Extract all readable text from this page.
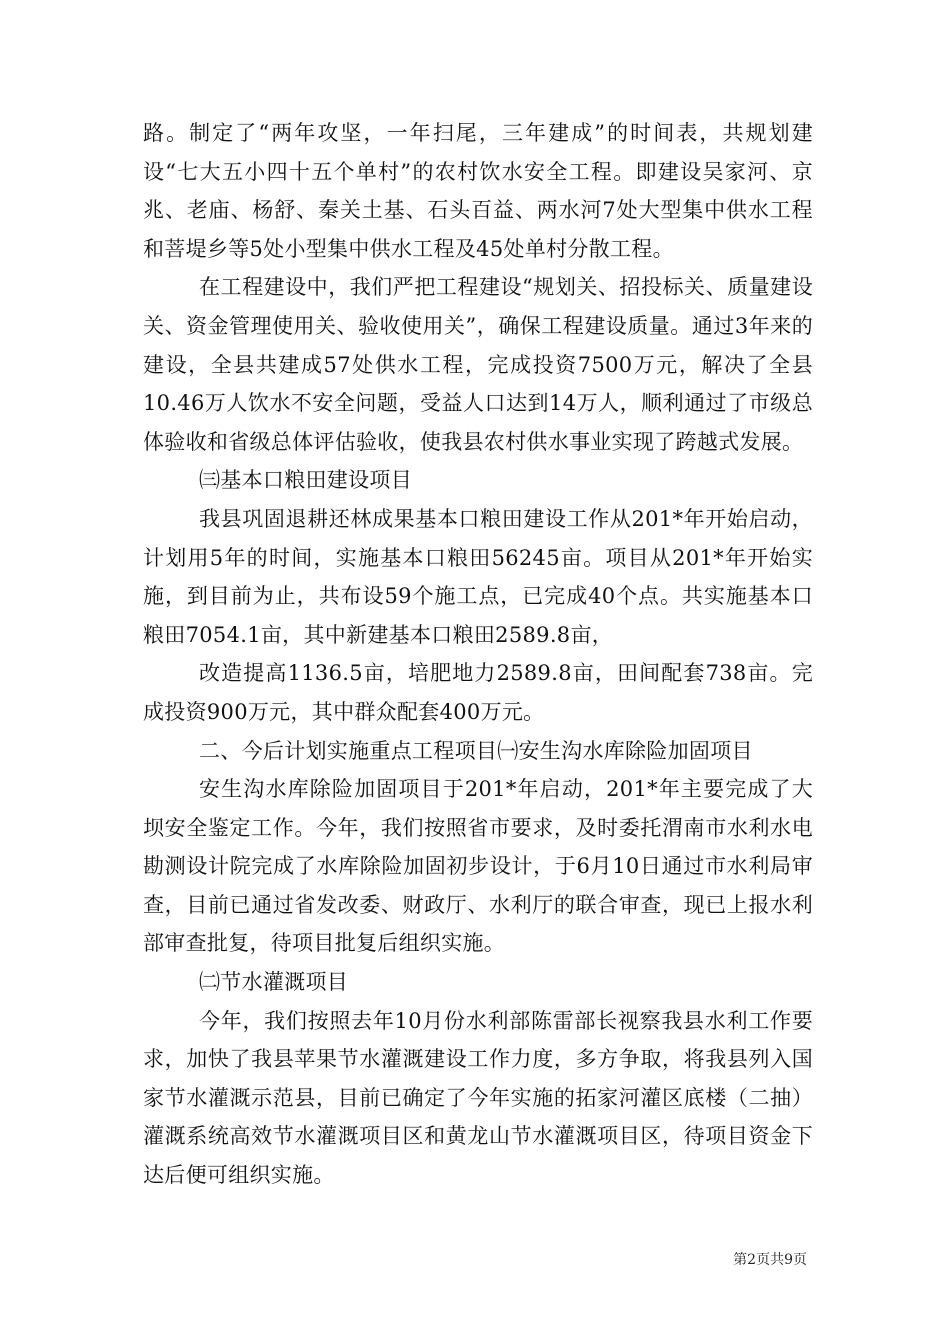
路。制定了“两年攻坚，一年扫尾，三年建成”的时间表，共规划建设“七大五小四十五个单村”的农村饮水安全工程。即建设吴家河、京兆、老庙、杨舒、秦关土基、石头百益、两水河7处大型集中供水工程和菩堤乡等5处小型集中供水工程及45处单村分散工程。

在工程建设中，我们严把工程建设“规划关、招投标关、质量建设关、资金管理使用关、验收使用关”，确保工程建设质量。通过3年来的建设，全县共建成57处供水工程，完成投资7500万元，解决了全县10.46万人饮水不安全问题，受益人口达到14万人，顺利通过了市级总体验收和省级总体评估验收，使我县农村供水事业实现了跨越式发展。

㈢基本口粮田建设项目

我县巩固退耕还林成果基本口粮田建设工作从201*年开始启动，计划用5年的时间，实施基本口粮田56245亩。项目从201*年开始实施，到目前为止，共布设59个施工点，已完成40个点。共实施基本口粮田7054.1亩，其中新建基本口粮田2589.8亩，

改造提高1136.5亩，培肥地力2589.8亩，田间配套738亩。完成投资900万元，其中群众配套400万元。

二、今后计划实施重点工程项目㈠安生沟水库除险加固项目

安生沟水库除险加固项目于201*年启动，201*年主要完成了大坝安全鉴定工作。今年，我们按照省市要求，及时委托渭南市水利水电勘测设计院完成了水库除险加固初步设计，于6月10日通过市水利局审查，目前已通过省发改委、财政厅、水利厅的联合审查，现已上报水利部审查批复，待项目批复后组织实施。

㈡节水灌溉项目

今年，我们按照去年10月份水利部陈雷部长视察我县水利工作要求，加快了我县苹果节水灌溉建设工作力度，多方争取，将我县列入国家节水灌溉示范县，目前已确定了今年实施的拓家河灌区底楼（二抽）灌溉系统高效节水灌溉项目区和黄龙山节水灌溉项目区，待项目资金下达后便可组织实施。

第2页共9页
